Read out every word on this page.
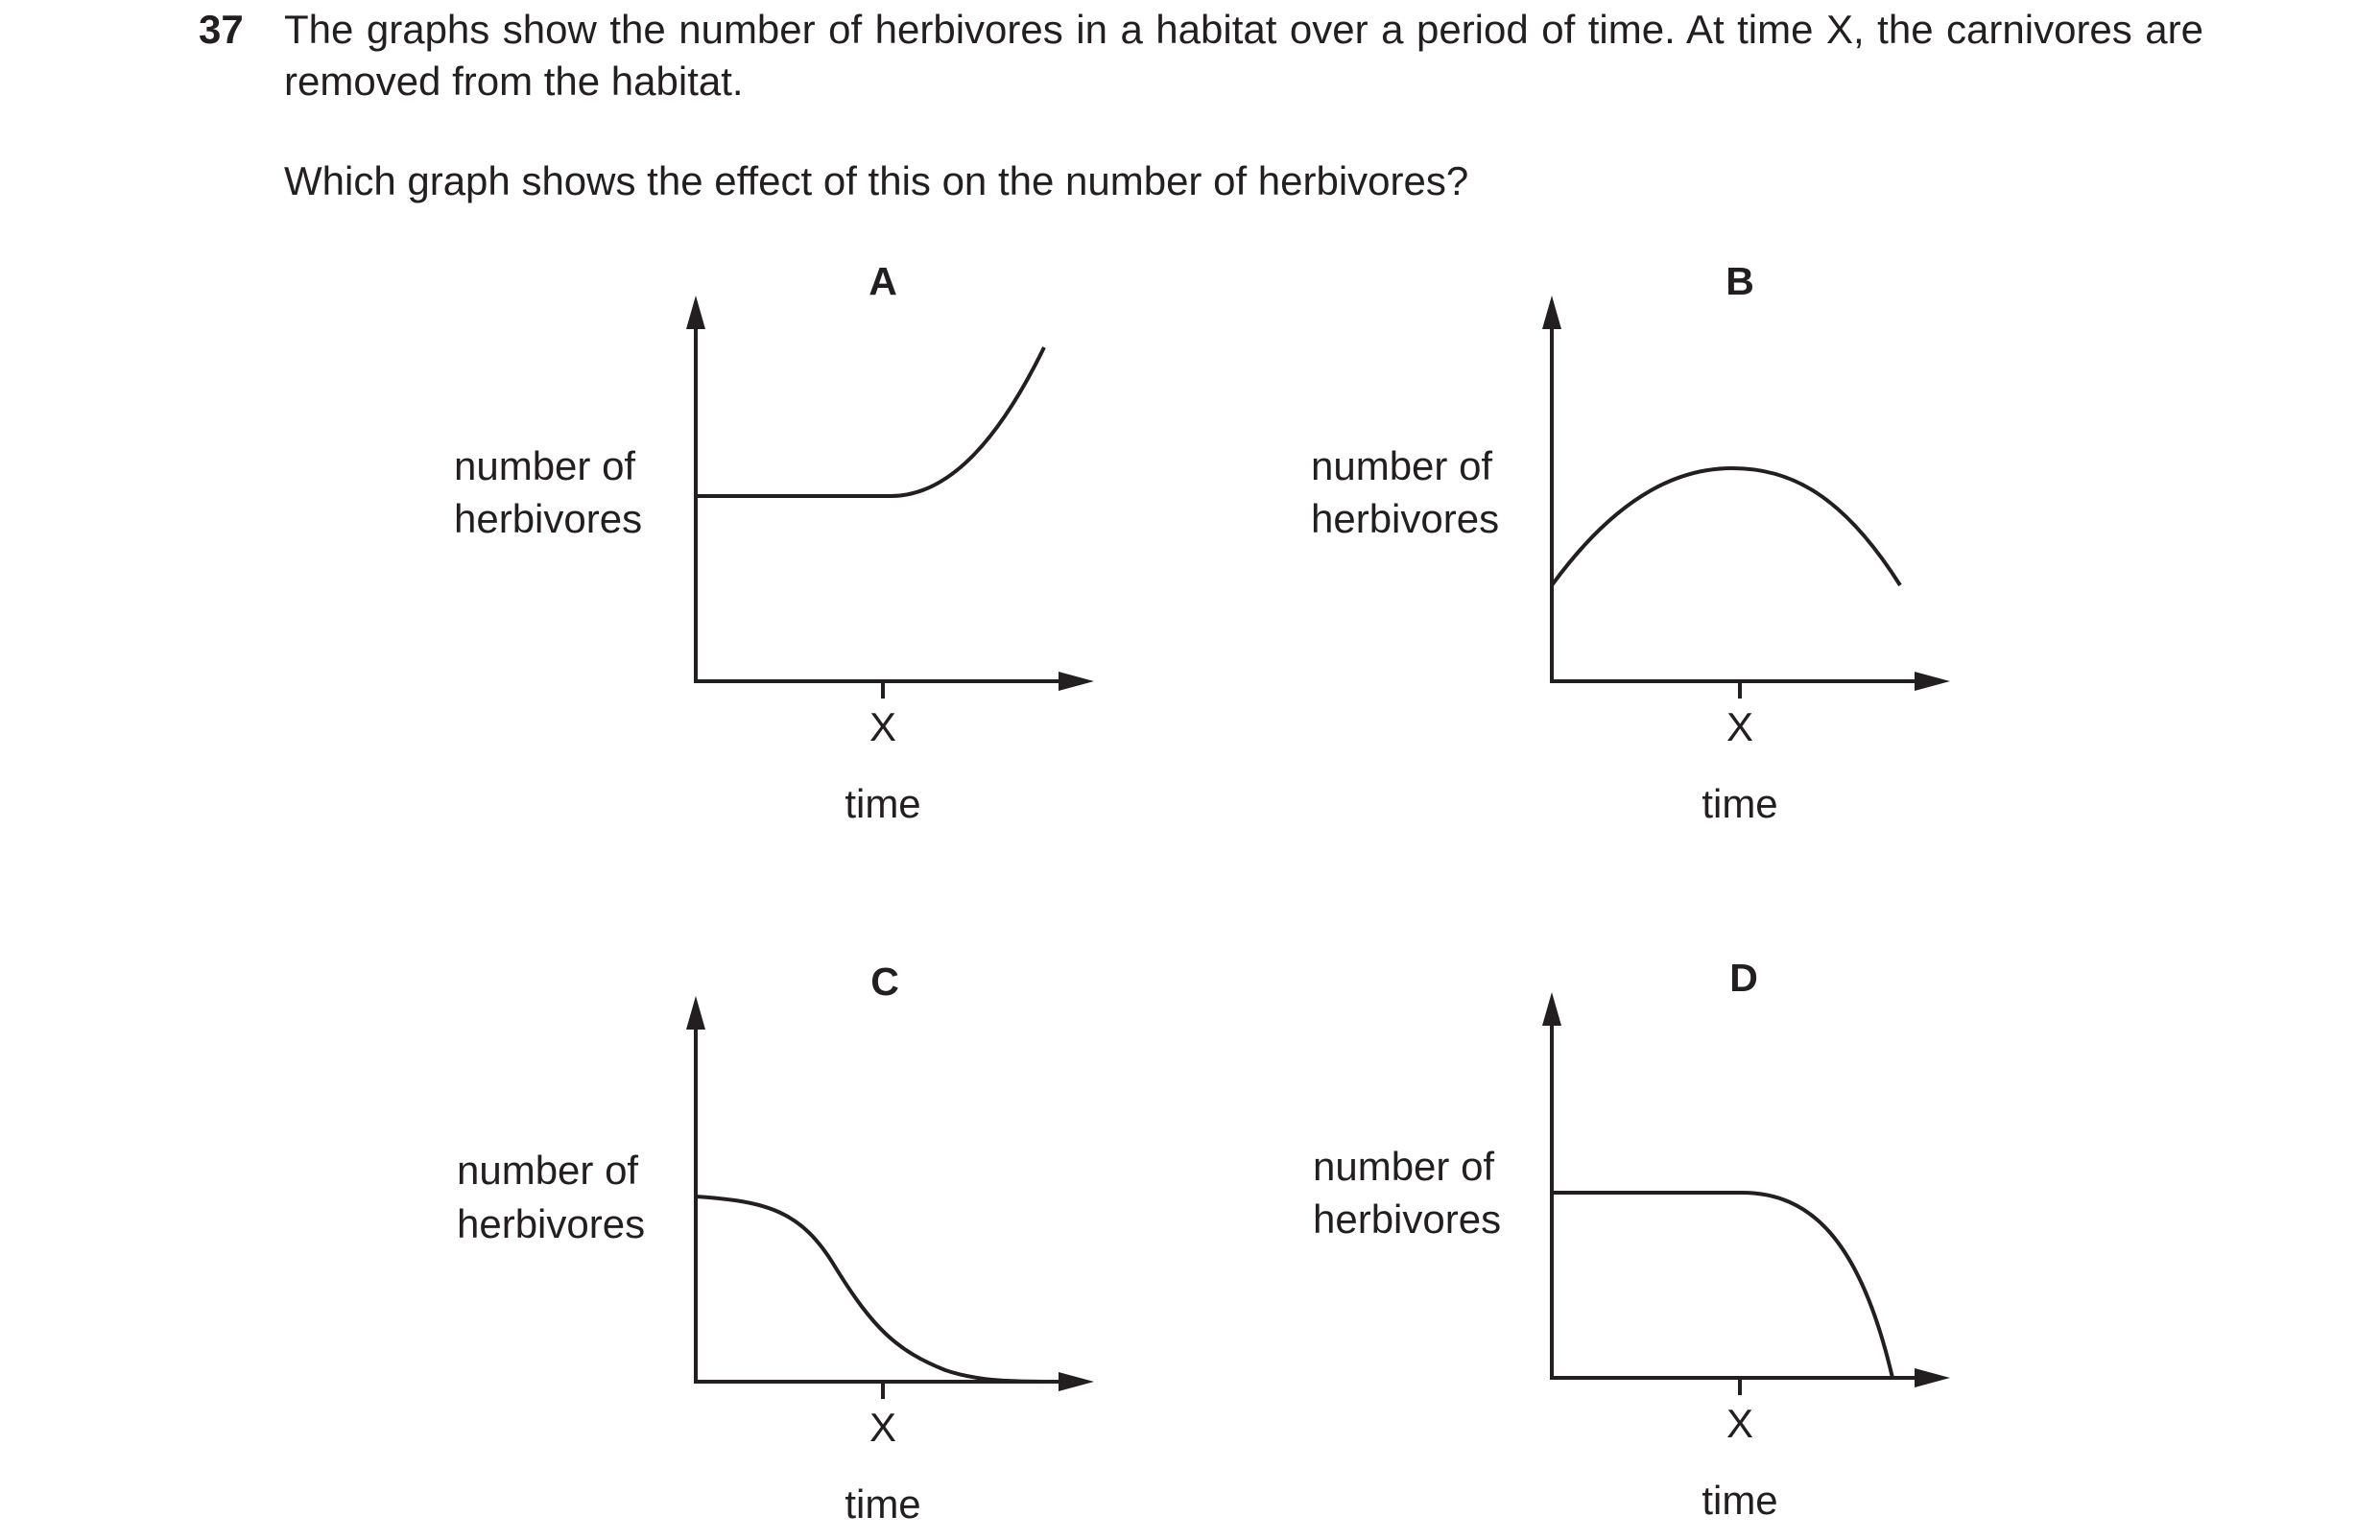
37 The graphs show the number of herbivores in a habitat over a period of time. At time X, the carnivores are removed from the habitat.
Which graph shows the effect of this on the number of herbivores?
A
number of
herbivores
X
time
B
number of
herbivores
X
time
C
number of
herbivores
X
time
D
number of
herbivores
X
time
